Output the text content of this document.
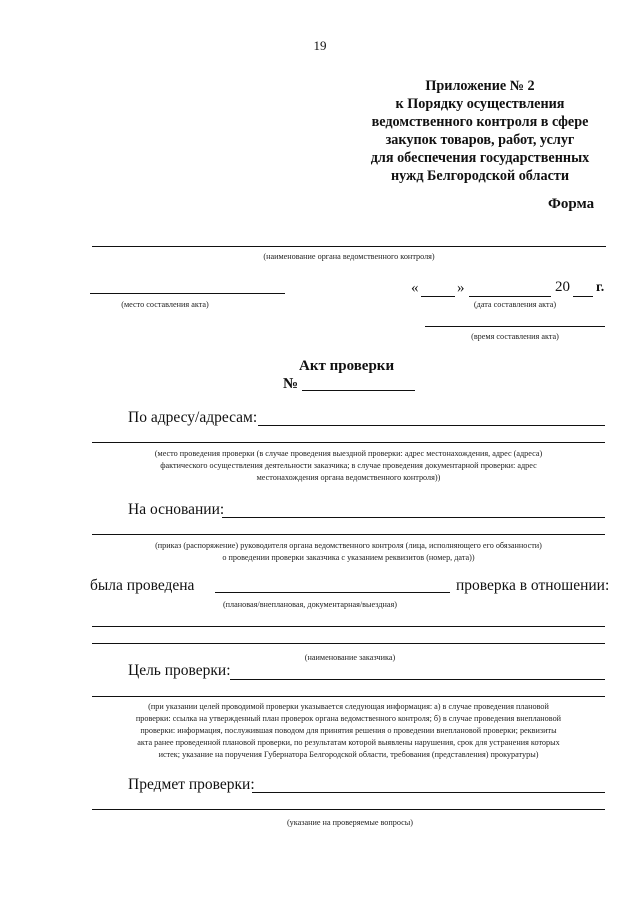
19
Приложение № 2
к Порядку осуществления
ведомственного контроля в сфере
закупок товаров, работ, услуг
для обеспечения государственных
нужд Белгородской области
Форма
(наименование органа ведомственного контроля)
(место составления акта)
«	»	20 г.
(дата составления акта)
(время составления акта)
Акт проверки
№
По адресу/адресам:
(место проведения проверки (в случае проведения выездной проверки: адрес местонахождения, адрес (адреса)
фактического осуществления деятельности заказчика; в случае проведения документарной проверки: адрес
местонахождения органа ведомственного контроля))
На основании:
(приказ (распоряжение) руководителя органа ведомственного контроля (лица, исполняющего его обязанности)
о проведении проверки заказчика с указанием реквизитов (номер, дата))
была проведена	проверка в отношении:
(плановая/внеплановая, документарная/выездная)
(наименование заказчика)
Цель проверки:
(при указании целей проводимой проверки указывается следующая информация: а) в случае проведения плановой
проверки: ссылка на утвержденный план проверок органа ведомственного контроля; б) в случае проведения внеплановой
проверки: информация, послужившая поводом для принятия решения о проведении внеплановой проверки; реквизиты
акта ранее проведенной плановой проверки, по результатам которой выявлены нарушения, срок для устранения которых
истек; указание на поручения Губернатора Белгородской области, требования (представления) прокуратуры)
Предмет проверки:
(указание на проверяемые вопросы)
